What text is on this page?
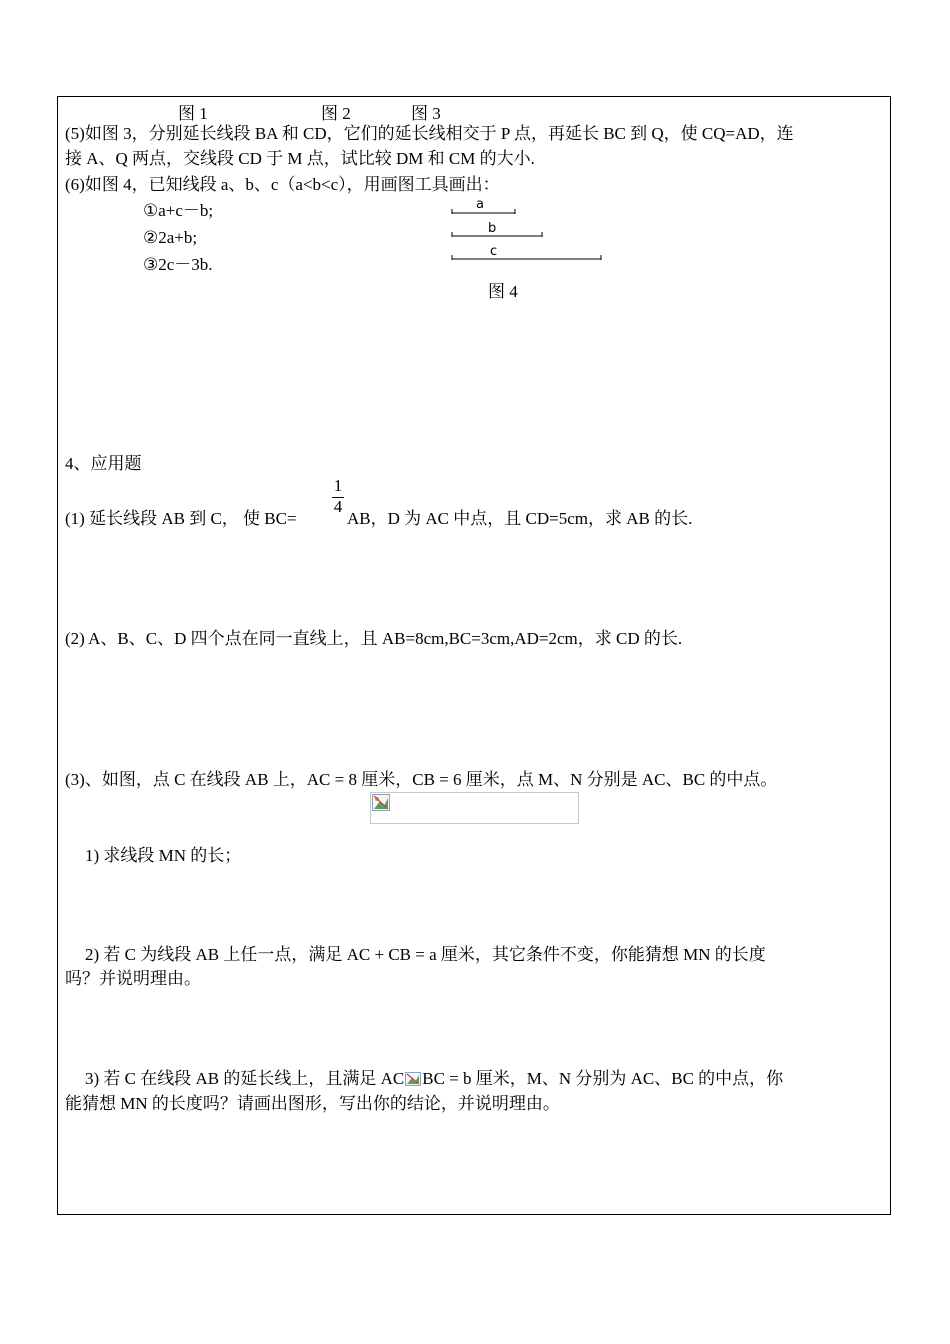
图 1	图 2	图 3
(5)如图 3，分别延长线段 BA 和 CD，它们的延长线相交于 P 点，再延长 BC 到 Q，使 CQ=AD，连
接 A、Q 两点，交线段 CD 于 M 点，试比较 DM 和 CM 的大小.
(6)如图 4，已知线段 a、b、c（a<b<c），用画图工具画出：
①a+c－b;
②2a+b;
③2c－3b.
a
b
c
图 4
4、应用题
(1) 延长线段 AB 到 C， 使 BC=
1
4
AB，D 为 AC 中点，且 CD=5cm，求 AB 的长.
(2) A、B、C、D 四个点在同一直线上，且 AB=8cm,BC=3cm,AD=2cm，求 CD 的长.
(3)、如图，点 C 在线段 AB 上，AC = 8 厘米，CB = 6 厘米，点 M、N 分别是 AC、BC 的中点。
1) 求线段 MN 的长；
2) 若 C 为线段 AB 上任一点，满足 AC + CB = a 厘米，其它条件不变，你能猜想 MN 的长度
吗？并说明理由。
3) 若 C 在线段 AB 的延长线上，且满足 AC BC = b 厘米，M、N 分别为 AC、BC 的中点，你
能猜想 MN 的长度吗？请画出图形，写出你的结论，并说明理由。
